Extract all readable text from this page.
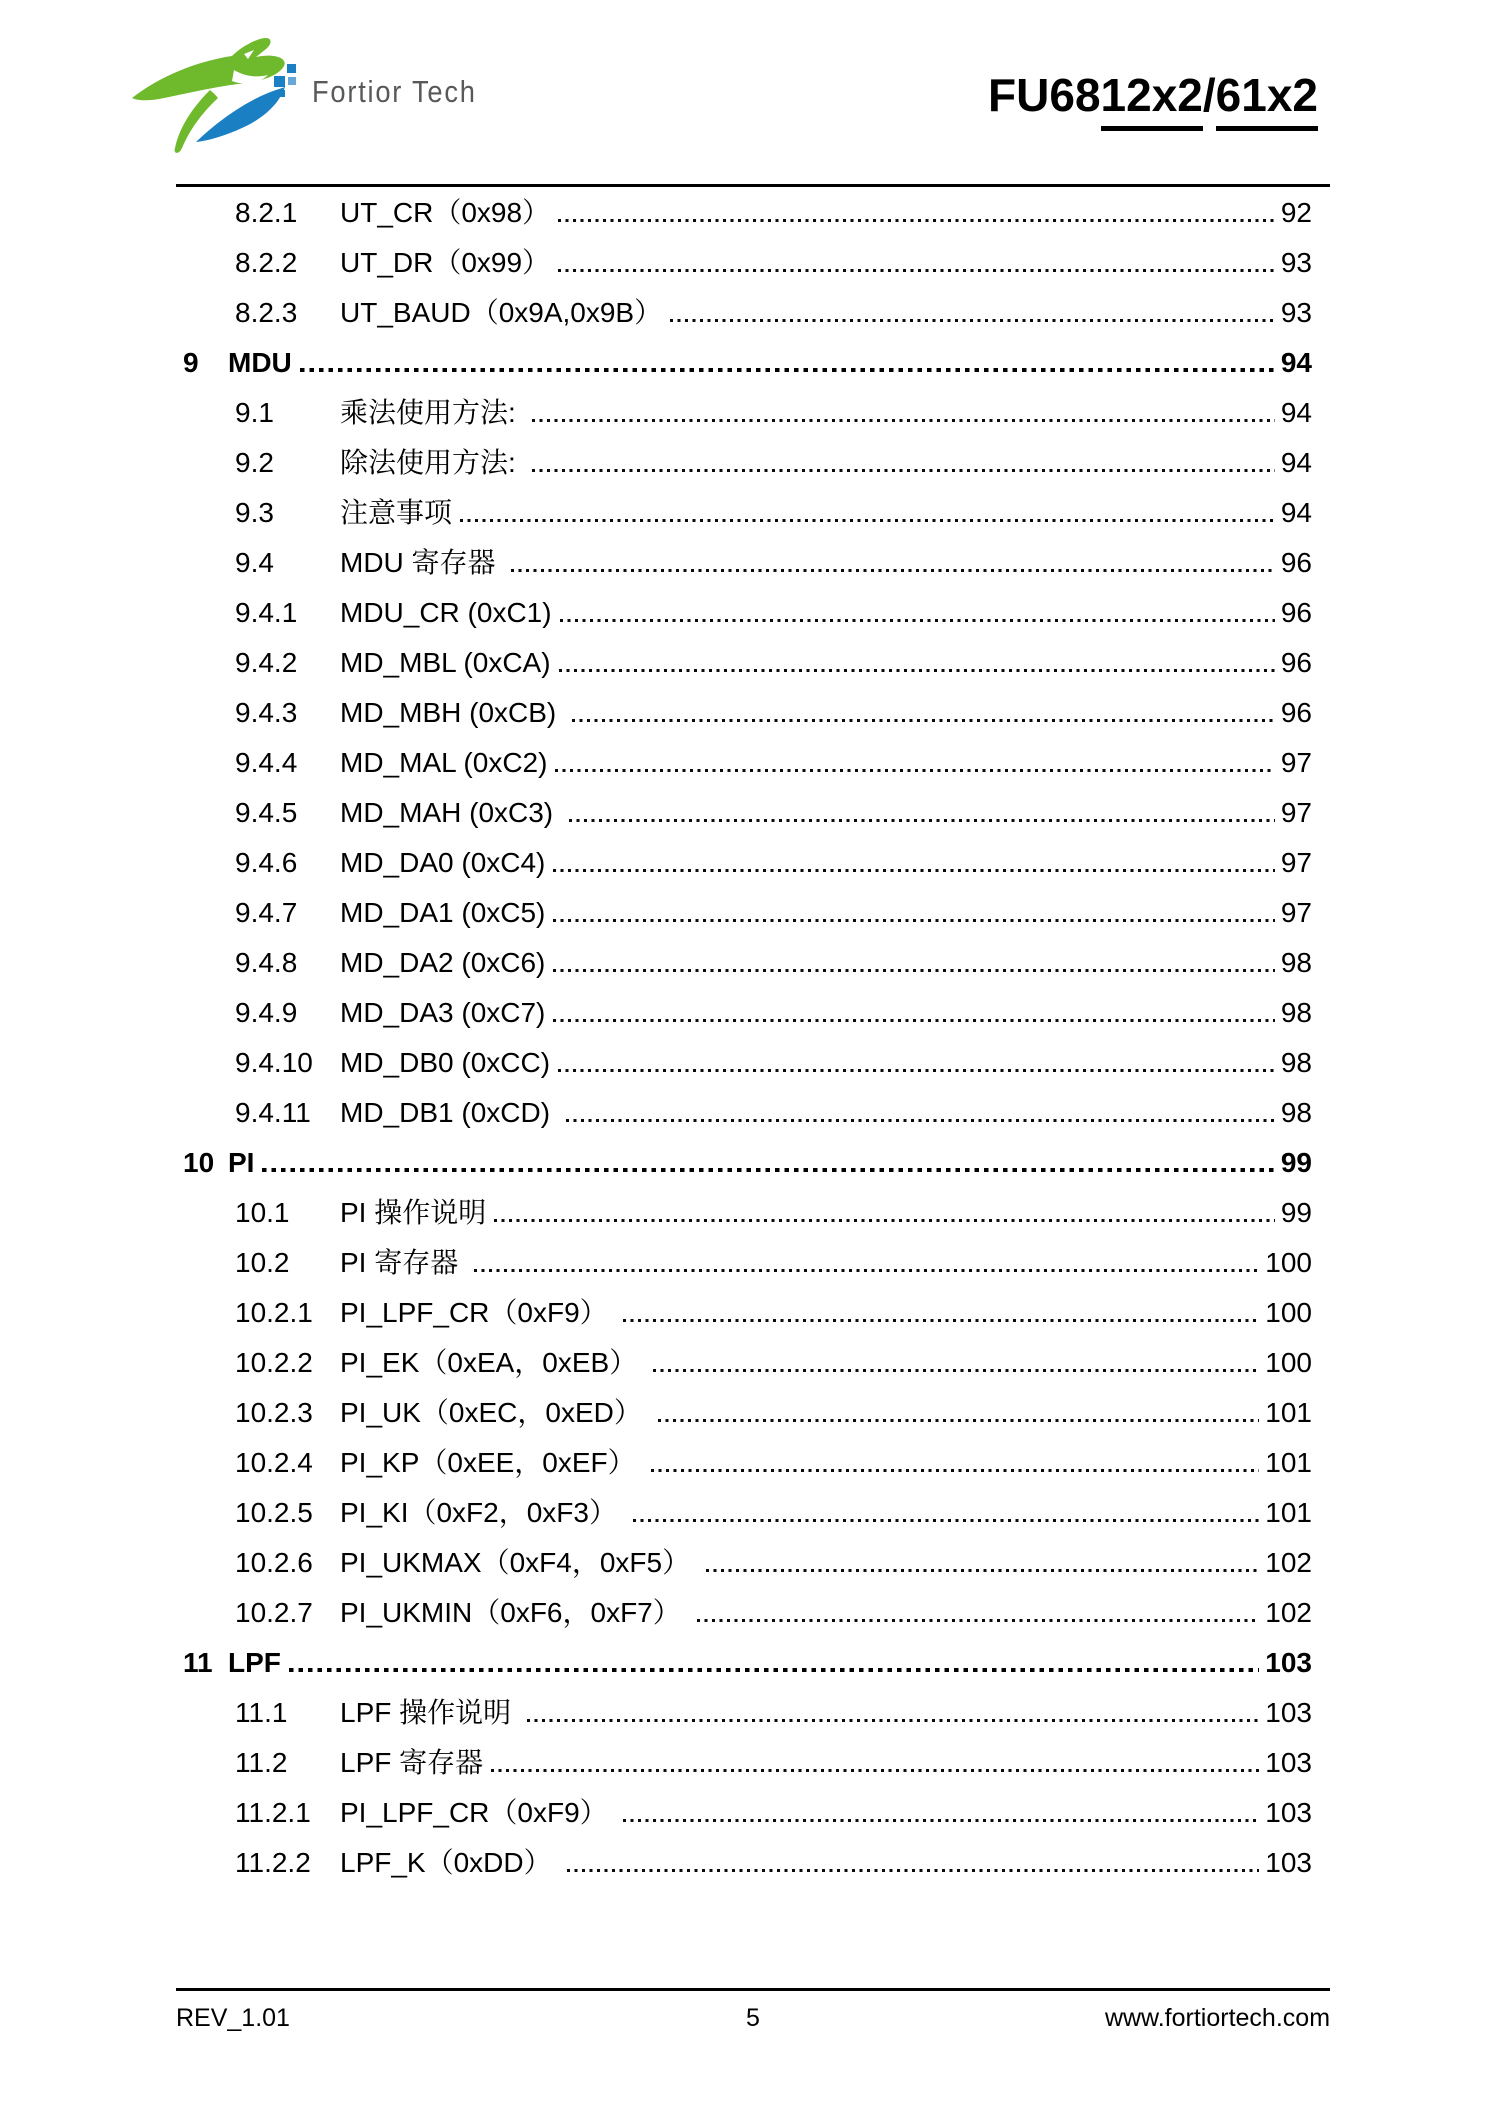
Fortior Tech	FU6812x2/61x2
8.2.1	UT_CR（0x98）	92
8.2.2	UT_DR（0x99）	93
8.2.3	UT_BAUD（0x9A,0x9B）	93
9	MDU	94
9.1	乘法使用方法:	94
9.2	除法使用方法:	94
9.3	注意事项	94
9.4	MDU 寄存器	96
9.4.1	MDU_CR (0xC1)	96
9.4.2	MD_MBL (0xCA)	96
9.4.3	MD_MBH (0xCB)	96
9.4.4	MD_MAL (0xC2)	97
9.4.5	MD_MAH (0xC3)	97
9.4.6	MD_DA0 (0xC4)	97
9.4.7	MD_DA1 (0xC5)	97
9.4.8	MD_DA2 (0xC6)	98
9.4.9	MD_DA3 (0xC7)	98
9.4.10 MD_DB0 (0xCC)	98
9.4.11	MD_DB1 (0xCD)	98
10 PI	99
10.1	PI 操作说明	99
10.2	PI 寄存器	100
10.2.1 PI_LPF_CR（0xF9）	100
10.2.2 PI_EK（0xEA，0xEB）	100
10.2.3 PI_UK（0xEC，0xED）	101
10.2.4 PI_KP（0xEE，0xEF）	101
10.2.5 PI_KI（0xF2，0xF3）	101
10.2.6 PI_UKMAX（0xF4，0xF5）	102
10.2.7 PI_UKMIN（0xF6，0xF7）	102
11 LPF	103
11.1	LPF 操作说明	103
11.2	LPF 寄存器	103
11.2.1	PI_LPF_CR（0xF9）	103
11.2.2	LPF_K（0xDD）	103
REV_1.01	5	www.fortiortech.com
